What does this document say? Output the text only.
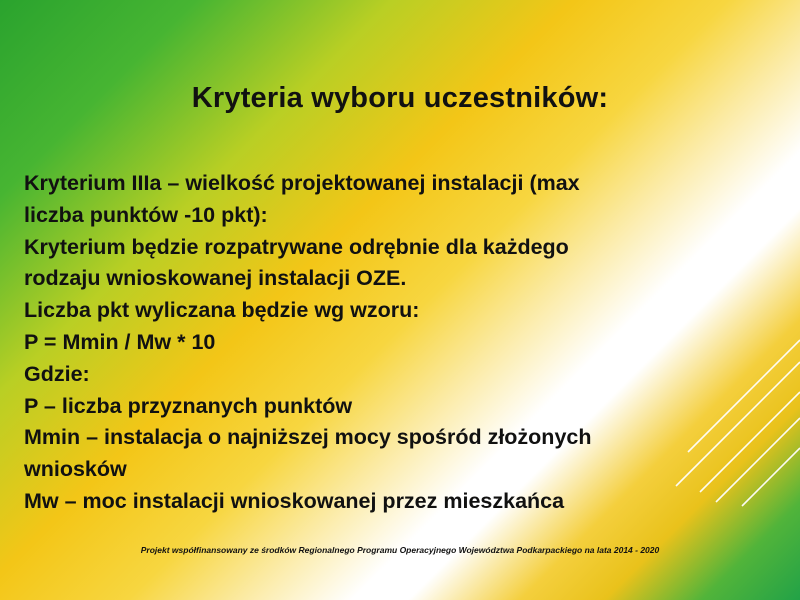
Kryteria wyboru uczestników:
Kryterium IIIa – wielkość projektowanej instalacji (max
liczba punktów -10 pkt):
Kryterium będzie rozpatrywane odrębnie dla każdego
rodzaju wnioskowanej instalacji OZE.
Liczba pkt wyliczana będzie wg wzoru:
P = Mmin / Mw * 10
Gdzie:
P – liczba przyznanych punktów
Mmin – instalacja o najniższej mocy spośród złożonych
wniosków
Mw – moc instalacji wnioskowanej przez mieszkańca
Projekt współfinansowany ze środków Regionalnego Programu Operacyjnego Województwa Podkarpackiego na lata 2014 - 2020
